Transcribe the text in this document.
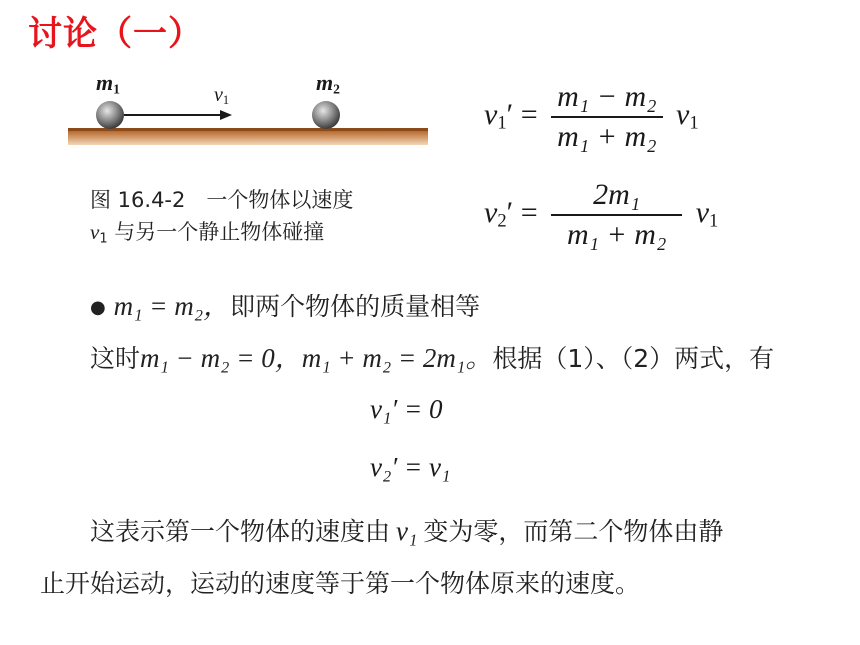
讨论（一）
$m_1$	$m_2$
$v_1$
图 16.4-2　一个物体以速度
$v_1$ 与另一个静止物体碰撞
$v_1' = \frac{\text{m₁ − m₂}}{\text{m₁ + m₂}} v_1$
$v_2' = \frac{\text{2m₁}}{\text{m₁ + m₂}} v_1$
● m₁ = m₂，即两个物体的质量相等
这时m₁ − m₂ = 0，m₁ + m₂ = 2m₁。根据（1）、（2）两式，有
v₁′ = 0
v₂′ = v₁
这表示第一个物体的速度由 v₁ 变为零，而第二个物体由静
止开始运动，运动的速度等于第一个物体原来的速度。
